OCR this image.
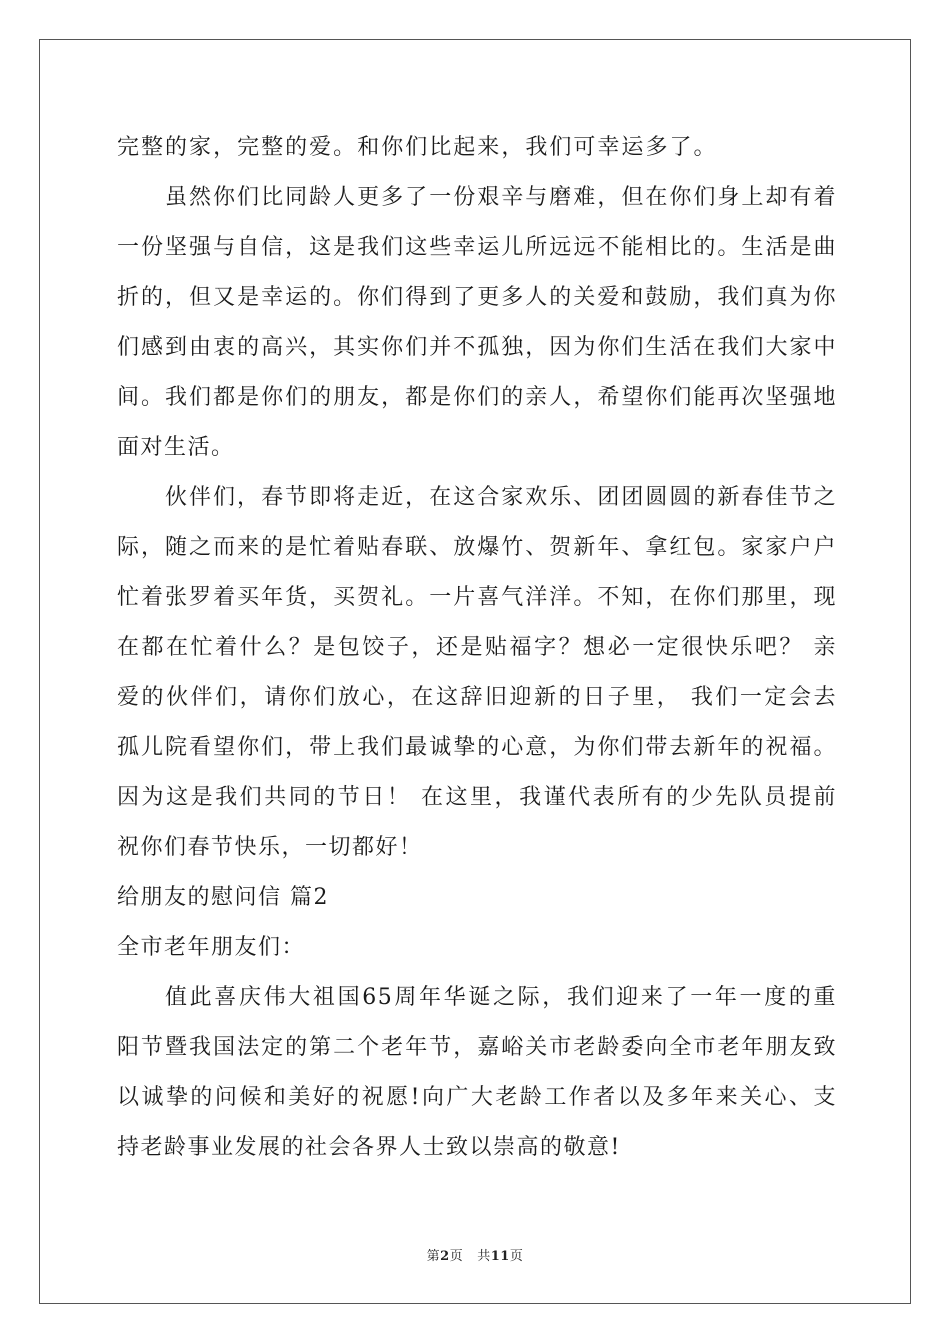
完整的家，完整的爱。和你们比起来，我们可幸运多了。
虽然你们比同龄人更多了一份艰辛与磨难，但在你们身上却有着
一份坚强与自信，这是我们这些幸运儿所远远不能相比的。生活是曲
折的，但又是幸运的。你们得到了更多人的关爱和鼓励，我们真为你
们感到由衷的高兴，其实你们并不孤独，因为你们生活在我们大家中
间。我们都是你们的朋友，都是你们的亲人，希望你们能再次坚强地
面对生活。
伙伴们，春节即将走近，在这合家欢乐、团团圆圆的新春佳节之
际，随之而来的是忙着贴春联、放爆竹、贺新年、拿红包。家家户户
忙着张罗着买年货，买贺礼。一片喜气洋洋。不知，在你们那里，现
在都在忙着什么？是包饺子，还是贴福字？想必一定很快乐吧？ 亲
爱的伙伴们，请你们放心，在这辞旧迎新的日子里， 我们一定会去
孤儿院看望你们，带上我们最诚挚的心意，为你们带去新年的祝福。
因为这是我们共同的节日！ 在这里，我谨代表所有的少先队员提前
祝你们春节快乐，一切都好！
给朋友的慰问信 篇2
全市老年朋友们：
值此喜庆伟大祖国65周年华诞之际，我们迎来了一年一度的重
阳节暨我国法定的第二个老年节，嘉峪关市老龄委向全市老年朋友致
以诚挚的问候和美好的祝愿!向广大老龄工作者以及多年来关心、支
持老龄事业发展的社会各界人士致以崇高的敬意!
第2页 共11页
